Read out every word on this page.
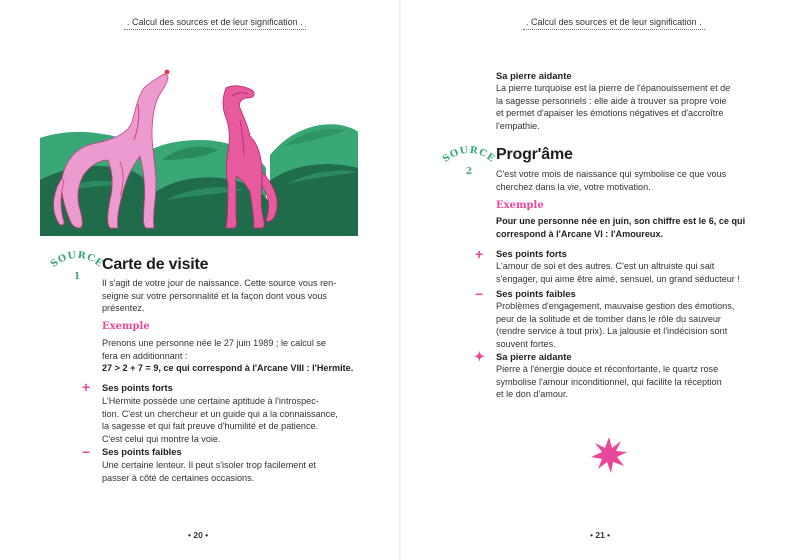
. Calcul des sources et de leur signification .
SOURCE
1
Carte de visite
Il s'agit de votre jour de naissance. Cette source vous ren-
seigne sur votre personnalité et la façon dont vous vous
présentez.
Exemple
Prenons une personne née le 27 juin 1989 ; le calcul se
fera en additionnant :
27 > 2 + 7 = 9, ce qui correspond à l'Arcane VIII : l'Hermite.
+ Ses points forts
L'Hermite possède une certaine aptitude à l'introspec-
tion. C'est un chercheur et un guide qui a la connaissance,
la sagesse et qui fait preuve d'humilité et de patience.
C'est celui qui montre la voie.
− Ses points faibles
Une certaine lenteur. Il peut s'isoler trop facilement et
passer à côté de certaines occasions.
• 20 •
. Calcul des sources et de leur signification .
Sa pierre aidante
La pierre turquoise est la pierre de l'épanouissement et de
la sagesse personnels : elle aide à trouver sa propre voie
et permet d'apaiser les émotions négatives et d'accroître
l'empathie.
SOURCE
2
Progr'âme
C'est votre mois de naissance qui symbolise ce que vous
cherchez dans la vie, votre motivation.
Exemple
Pour une personne née en juin, son chiffre est le 6, ce qui
correspond à l'Arcane VI : l'Amoureux.
+ Ses points forts
L'amour de soi et des autres. C'est un altruiste qui sait
s'engager, qui aime être aimé, sensuel, un grand séducteur !
− Ses points faibles
Problèmes d'engagement, mauvaise gestion des émotions,
peur de la solitude et de tomber dans le rôle du sauveur
(rendre service à tout prix). La jalousie et l'indécision sont
souvent fortes.
✦ Sa pierre aidante
Pierre à l'énergie douce et réconfortante, le quartz rose
symbolise l'amour inconditionnel, qui facilite la réception
et le don d'amour.
• 21 •
